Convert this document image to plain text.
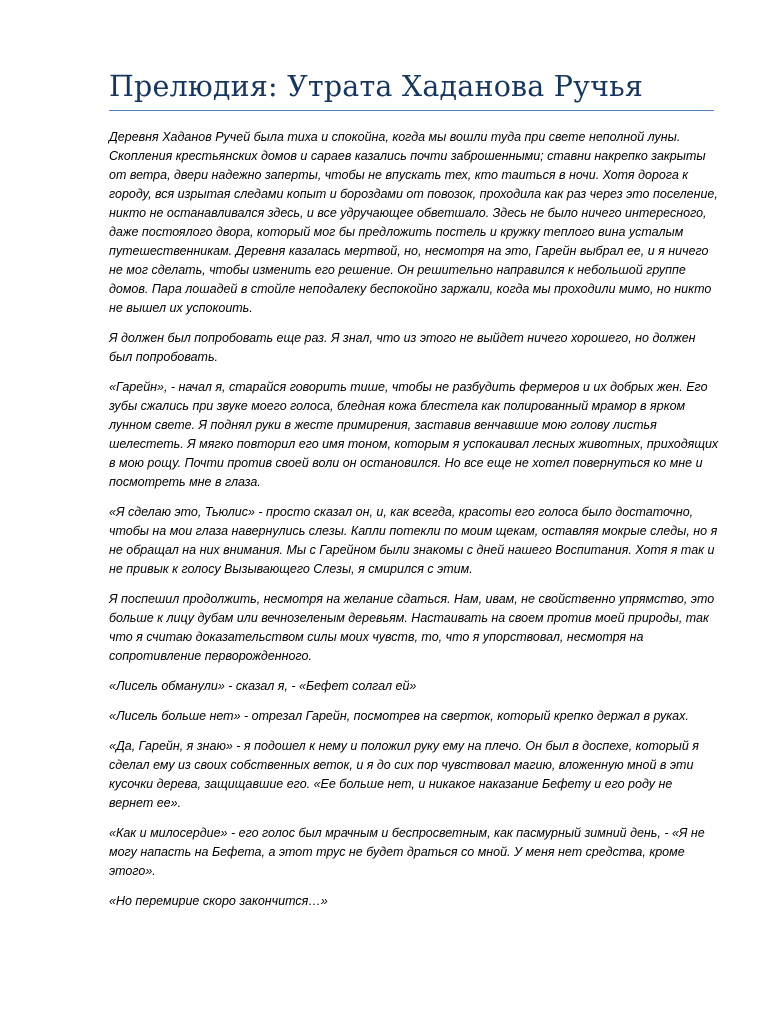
Прелюдия: Утрата Хаданова Ручья

Деревня Хаданов Ручей была тиха и спокойна, когда мы вошли туда при свете неполной луны. Скопления крестьянских домов и сараев казались почти заброшенными; ставни накрепко закрыты от ветра, двери надежно заперты, чтобы не впускать тех, кто таиться в ночи. Хотя дорога к городу, вся изрытая следами копыт и бороздами от повозок, проходила как раз через это поселение, никто не останавливался здесь, и все удручающее обветшало. Здесь не было ничего интересного, даже постоялого двора, который мог бы предложить постель и кружку теплого вина усталым путешественникам. Деревня казалась мертвой, но, несмотря на это, Гарейн выбрал ее, и я ничего не мог сделать, чтобы изменить его решение. Он решительно направился к небольшой группе домов. Пара лошадей в стойле неподалеку беспокойно заржали, когда мы проходили мимо, но никто не вышел их успокоить.

Я должен был попробовать еще раз. Я знал, что из этого не выйдет ничего хорошего, но должен был попробовать.

«Гарейн», - начал я, старайся говорить тише, чтобы не разбудить фермеров и их добрых жен. Его зубы сжались при звуке моего голоса, бледная кожа блестела как полированный мрамор в ярком лунном свете. Я поднял руки в жесте примирения, заставив венчавшие мою голову листья шелестеть. Я мягко повторил его имя тоном, которым я успокаивал лесных животных, приходящих в мою рощу. Почти против своей воли он остановился. Но все еще не хотел повернуться ко мне и посмотреть мне в глаза.

«Я сделаю это, Тьюлис» - просто сказал он, и, как всегда, красоты его голоса было достаточно, чтобы на мои глаза навернулись слезы. Капли потекли по моим щекам, оставляя мокрые следы, но я не обращал на них внимания. Мы с Гарейном были знакомы с дней нашего Воспитания. Хотя я так и не привык к голосу Вызывающего Слезы, я смирился с этим.

Я поспешил продолжить, несмотря на желание сдаться. Нам, ивам, не свойственно упрямство, это больше к лицу дубам или вечнозеленым деревьям. Настаивать на своем против моей природы, так что я считаю доказательством силы моих чувств, то, что я упорствовал, несмотря на сопротивление перворожденного.

«Лисель обманули» - сказал я, - «Бефет солгал ей»

«Лисель больше нет» - отрезал Гарейн, посмотрев на сверток, который крепко держал в руках.

«Да, Гарейн, я знаю» - я подошел к нему и положил руку ему на плечо. Он был в доспехе, который я сделал ему из своих собственных веток, и я до сих пор чувствовал магию, вложенную мной в эти кусочки дерева, защищавшие его. «Ее больше нет, и никакое наказание Бефету и его роду не вернет ее».

«Как и милосердие» - его голос был мрачным и беспросветным, как пасмурный зимний день, - «Я не могу напасть на Бефета, а этот трус не будет драться со мной. У меня нет средства, кроме этого».

«Но перемирие скоро закончится…»
